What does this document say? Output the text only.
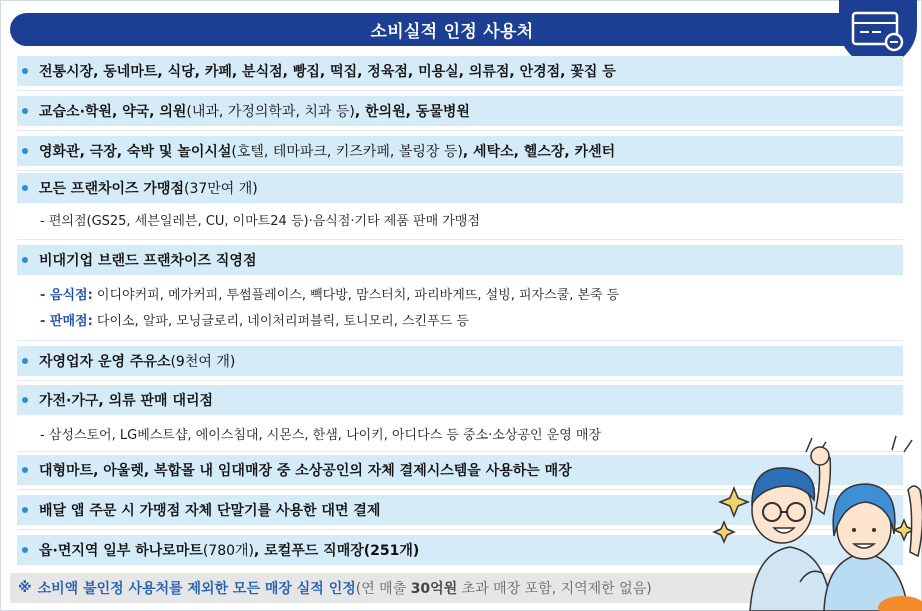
소비실적 인정 사용처
전통시장, 동네마트, 식당, 카페, 분식점, 빵집, 떡집, 정육점, 미용실, 의류점, 안경점, 꽃집 등
교습소·학원, 약국, 의원(내과, 가정의학과, 치과 등), 한의원, 동물병원
영화관, 극장, 숙박 및 놀이시설(호텔, 테마파크, 키즈카페, 볼링장 등), 세탁소, 헬스장, 카센터
모든 프랜차이즈 가맹점(37만여 개)
- 편의점(GS25, 세븐일레븐, CU, 이마트24 등)·음식점·기타 제품 판매 가맹점
비대기업 브랜드 프랜차이즈 직영점
- 음식점: 이디야커피, 메가커피, 투썸플레이스, 빽다방, 맘스터치, 파리바게뜨, 설빙, 피자스쿨, 본죽 등
- 판매점: 다이소, 알파, 모닝글로리, 네이처리퍼블릭, 토니모리, 스킨푸드 등
자영업자 운영 주유소(9천여 개)
가전·가구, 의류 판매 대리점
- 삼성스토어, LG베스트샵, 에이스침대, 시몬스, 한샘, 나이키, 아디다스 등 중소·소상공인 운영 매장
대형마트, 아울렛, 복합몰 내 임대매장 중 소상공인의 자체 결제시스템을 사용하는 매장
배달 앱 주문 시 가맹점 자체 단말기를 사용한 대면 결제
읍·면지역 일부 하나로마트(780개), 로컬푸드 직매장(251개)
※ 소비액 불인정 사용처를 제외한 모든 매장 실적 인정 (연 매출 30억원 초과 매장 포함, 지역제한 없음)
